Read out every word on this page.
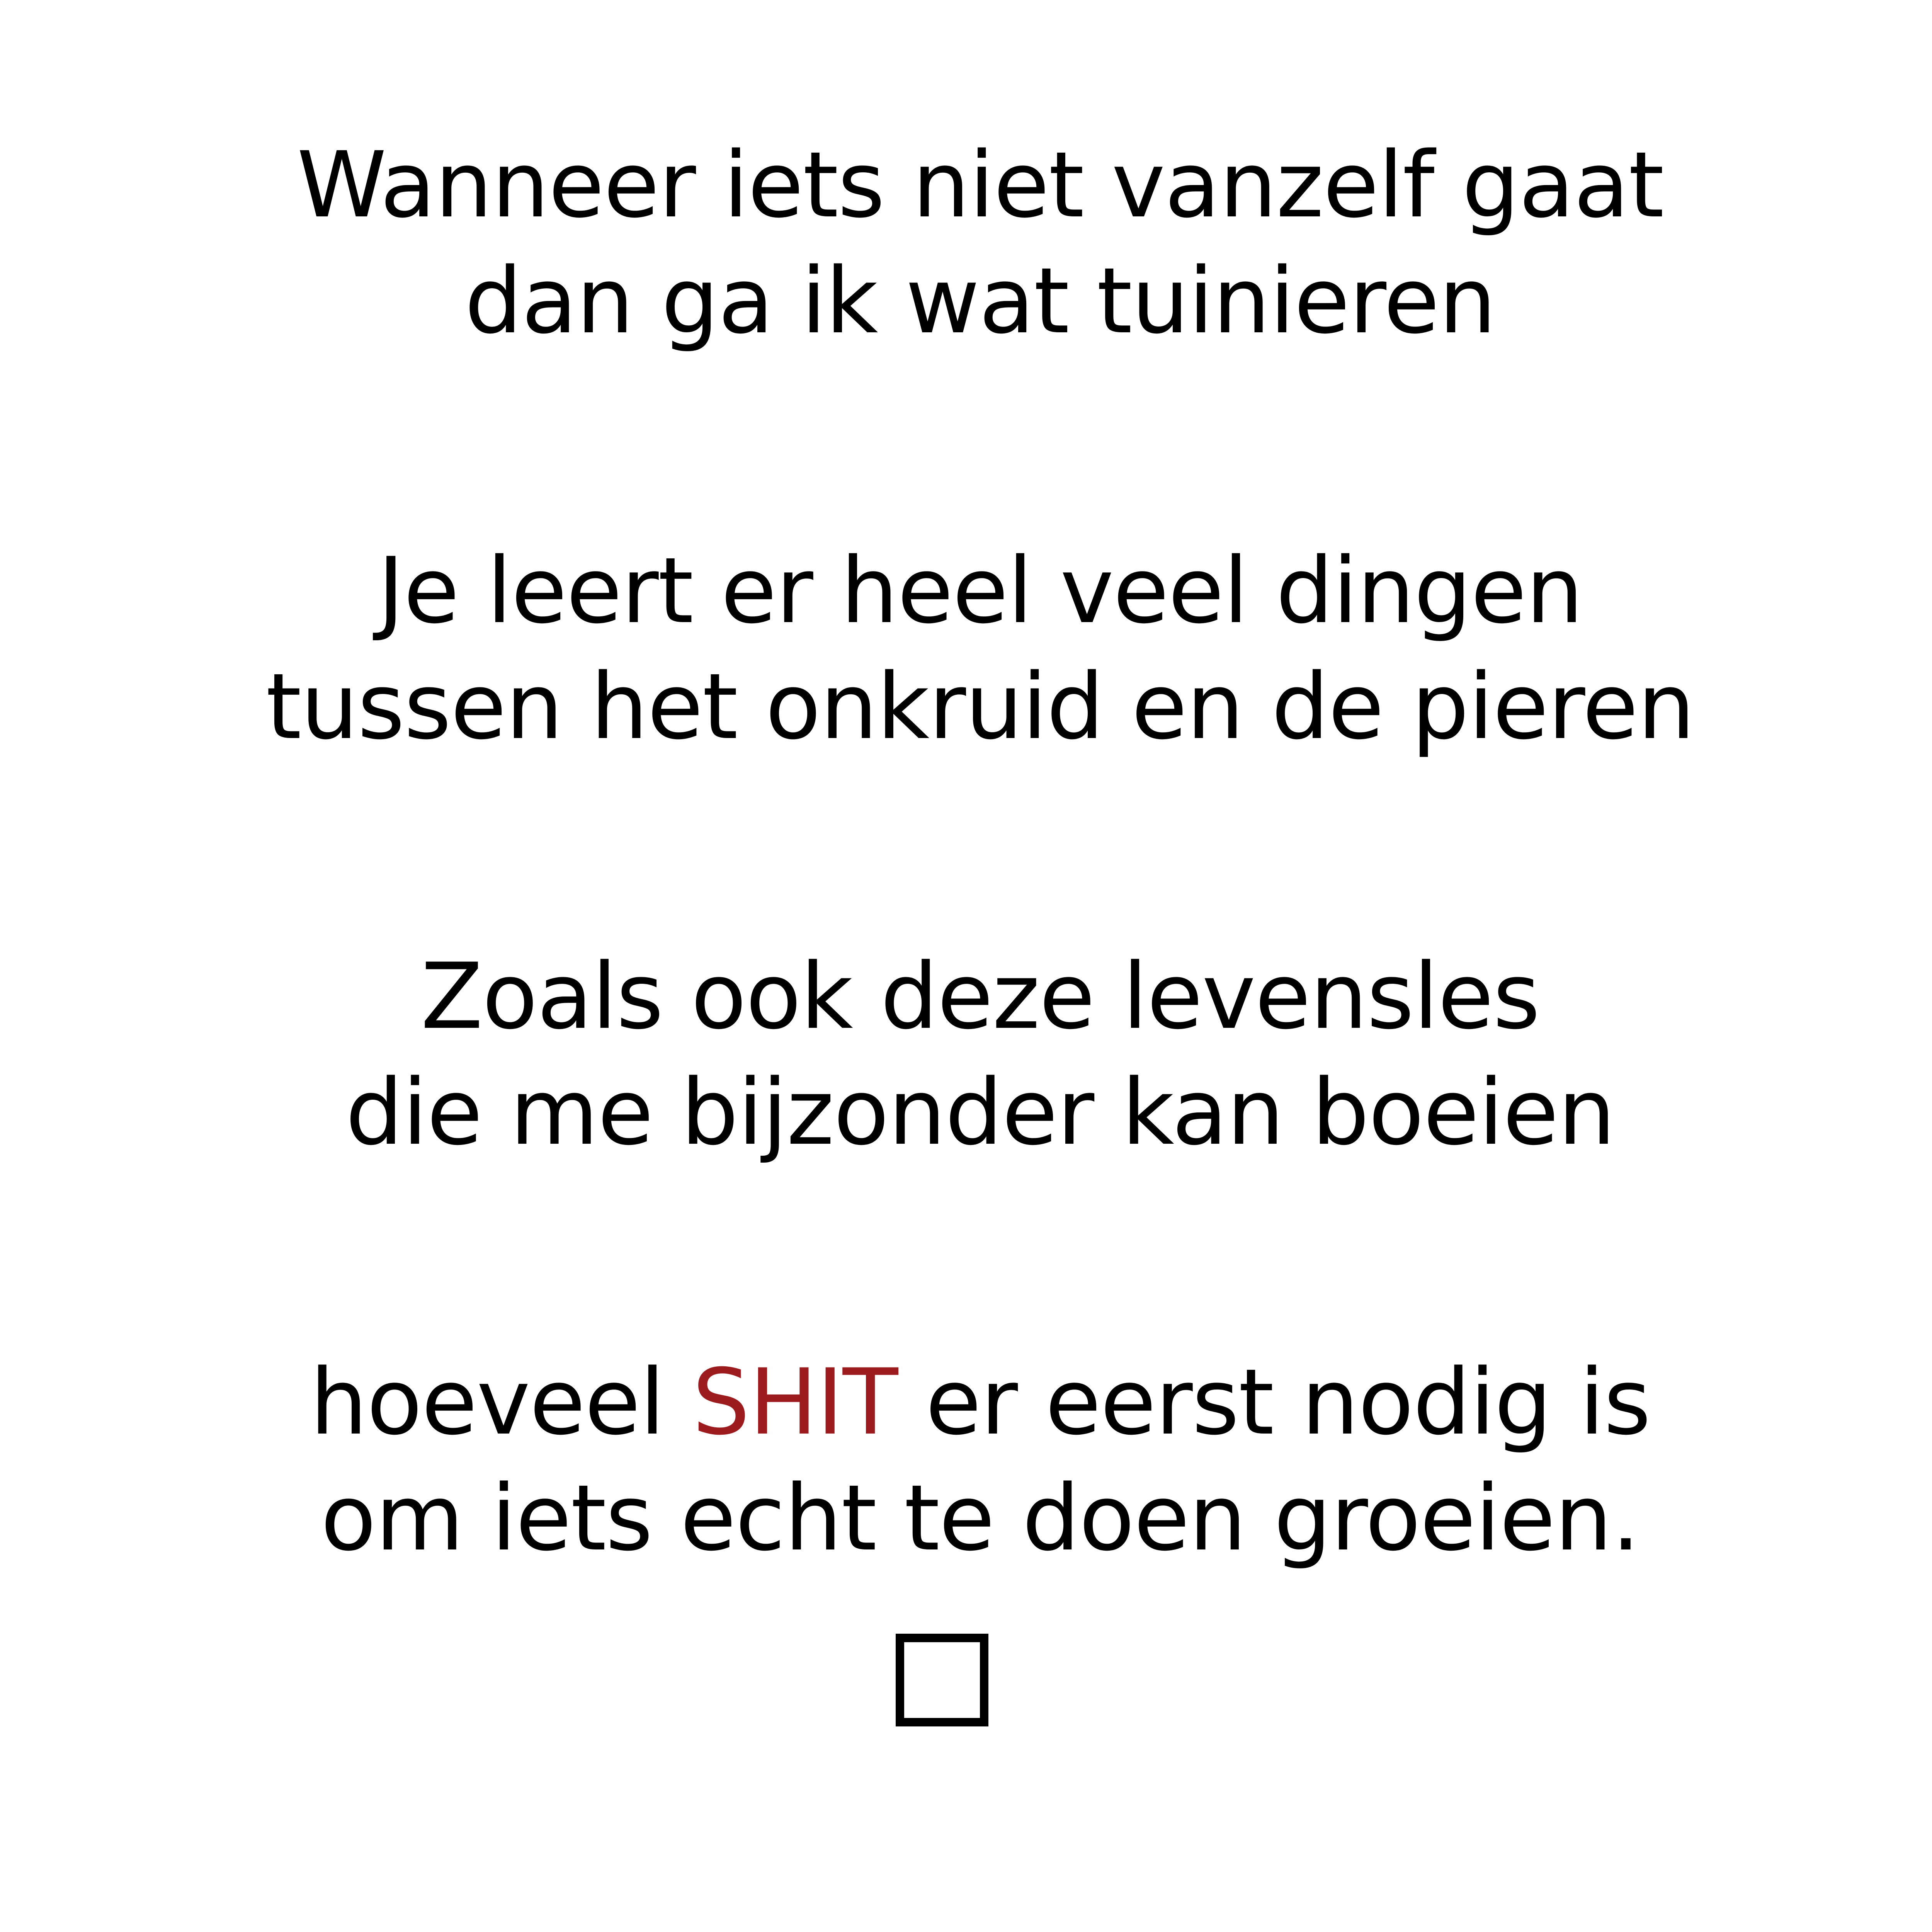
Wanneer iets niet vanzelf gaat
dan ga ik wat tuinieren
Je leert er heel veel dingen
tussen het onkruid en de pieren
Zoals ook deze levensles
die me bijzonder kan boeien
hoeveel SHIT er eerst nodig is
om iets echt te doen groeien.
